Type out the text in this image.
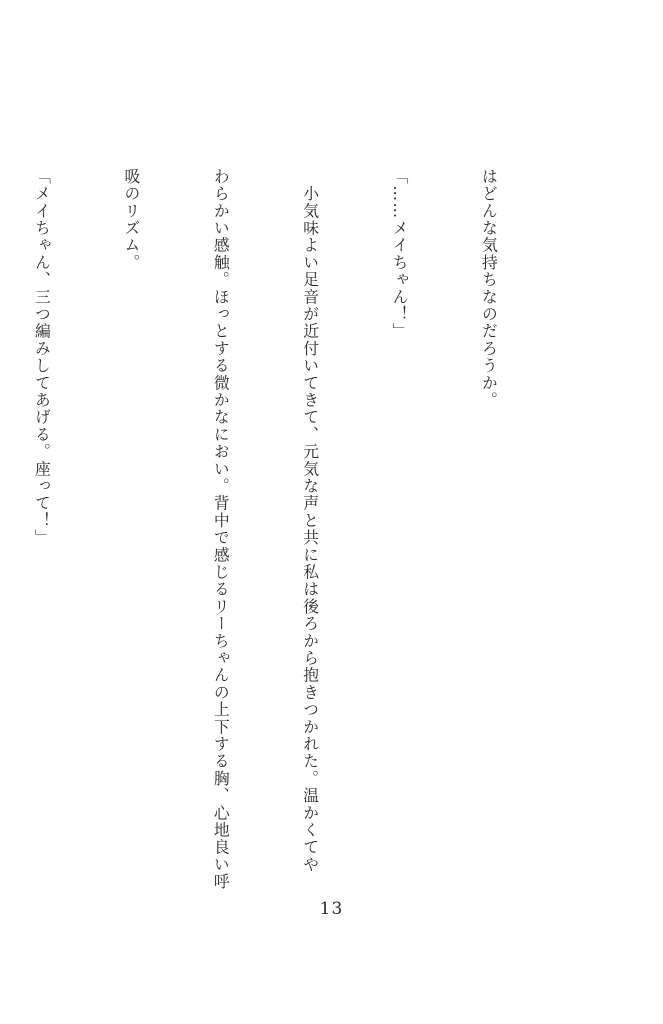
はどんな気持ちなのだろうか。

「……メイちゃん！」

　小気味よい足音が近付いてきて、元気な声と共に私は後ろから抱きつかれた。温かくてや

わらかい感触。ほっとする微かなにおい。背中で感じるリーちゃんの上下する胸、心地良い呼

吸のリズム。

「メイちゃん、三つ編みしてあげる。座って！」

13
